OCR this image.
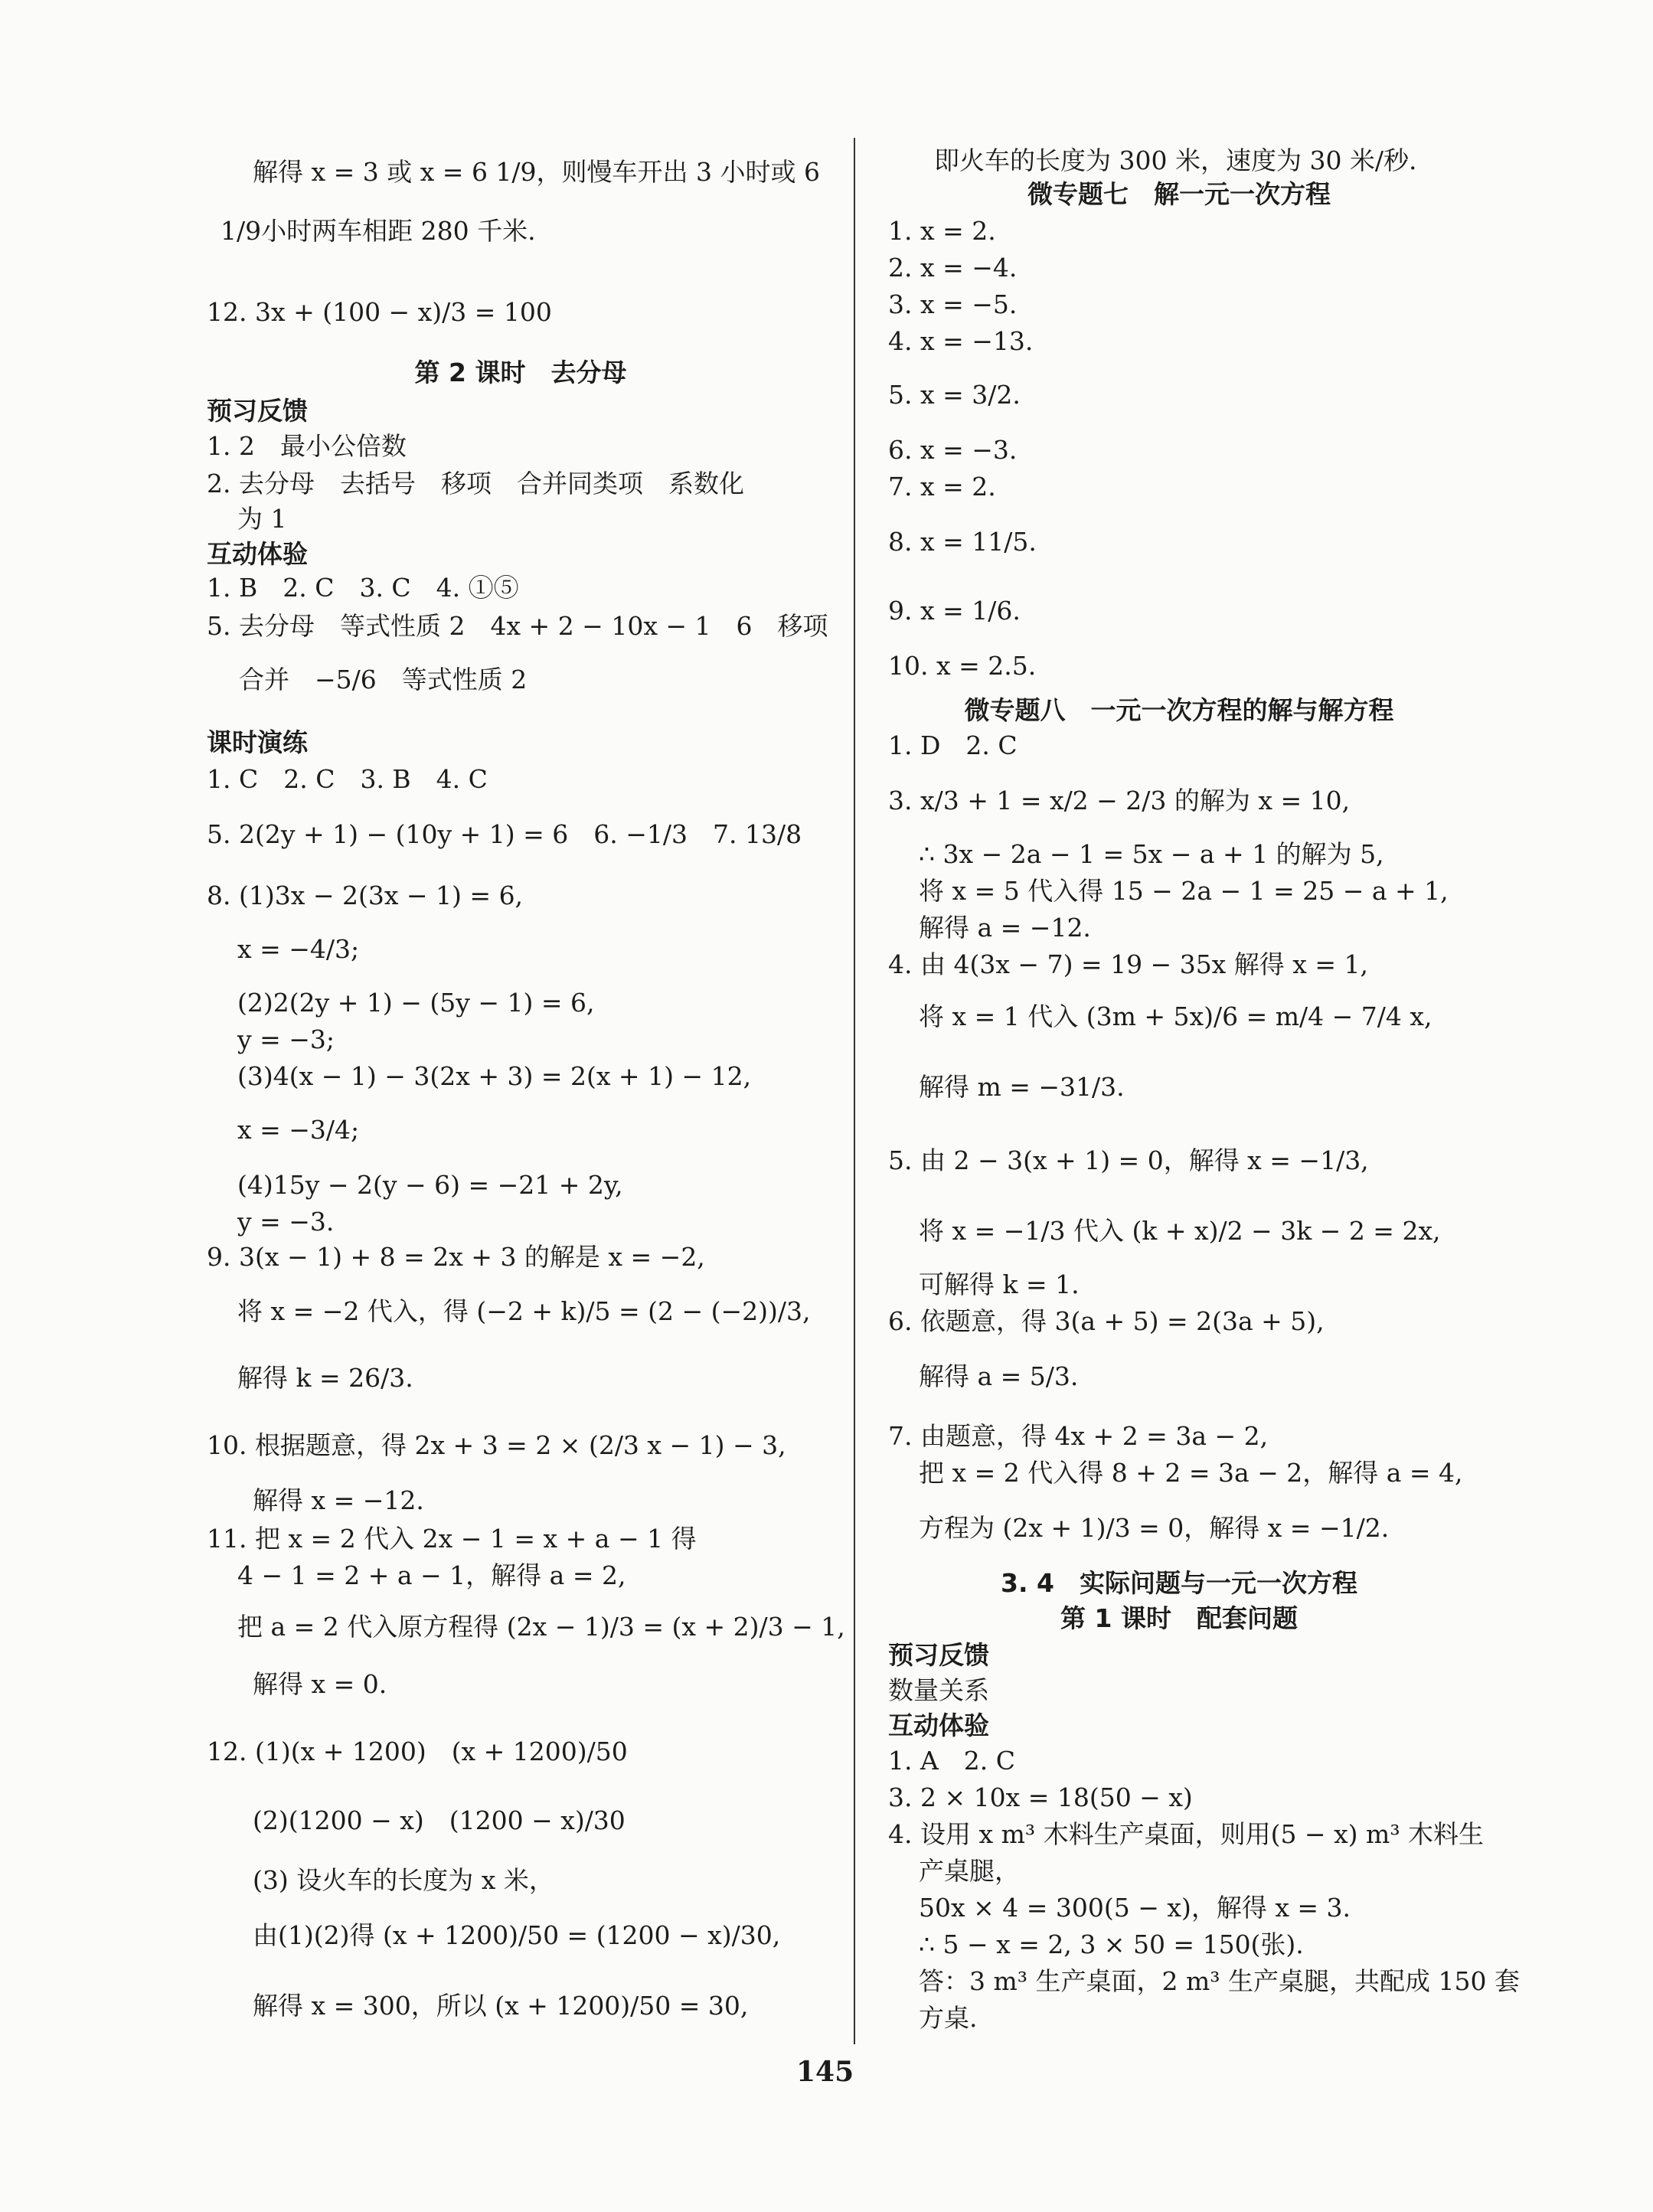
解得 x = 3 或 x = 6 1/9，则慢车开出 3 小时或 6
1/9小时两车相距 280 千米.
12. 3x + (100 − x)/3 = 100
第 2 课时　去分母
预习反馈
1. 2　最小公倍数
2. 去分母　去括号　移项　合并同类项　系数化
为 1
互动体验
1. B　2. C　3. C　4. ①⑤
5. 去分母　等式性质 2　4x + 2 − 10x − 1　6　移项
合并　−5/6　等式性质 2
课时演练
1. C　2. C　3. B　4. C
5. 2(2y + 1) − (10y + 1) = 6　6. −1/3　7. 13/8
8. (1)3x − 2(3x − 1) = 6,
x = −4/3;
(2)2(2y + 1) − (5y − 1) = 6,
y = −3;
(3)4(x − 1) − 3(2x + 3) = 2(x + 1) − 12,
x = −3/4;
(4)15y − 2(y − 6) = −21 + 2y,
y = −3.
9. 3(x − 1) + 8 = 2x + 3 的解是 x = −2,
将 x = −2 代入，得 (−2 + k)/5 = (2 − (−2))/3,
解得 k = 26/3.
10. 根据题意，得 2x + 3 = 2 × (2/3 x − 1) − 3,
解得 x = −12.
11. 把 x = 2 代入 2x − 1 = x + a − 1 得
4 − 1 = 2 + a − 1，解得 a = 2,
把 a = 2 代入原方程得 (2x − 1)/3 = (x + 2)/3 − 1,
解得 x = 0.
12. (1)(x + 1200)　(x + 1200)/50
(2)(1200 − x)　(1200 − x)/30
(3) 设火车的长度为 x 米，
由(1)(2)得 (x + 1200)/50 = (1200 − x)/30,
解得 x = 300，所以 (x + 1200)/50 = 30,
即火车的长度为 300 米，速度为 30 米/秒.
微专题七　解一元一次方程
1. x = 2.
2. x = −4.
3. x = −5.
4. x = −13.
5. x = 3/2.
6. x = −3.
7. x = 2.
8. x = 11/5.
9. x = 1/6.
10. x = 2.5.
微专题八　一元一次方程的解与解方程
1. D　2. C
3. x/3 + 1 = x/2 − 2/3 的解为 x = 10,
∴ 3x − 2a − 1 = 5x − a + 1 的解为 5,
将 x = 5 代入得 15 − 2a − 1 = 25 − a + 1,
解得 a = −12.
4. 由 4(3x − 7) = 19 − 35x 解得 x = 1,
将 x = 1 代入 (3m + 5x)/6 = m/4 − 7/4 x,
解得 m = −31/3.
5. 由 2 − 3(x + 1) = 0，解得 x = −1/3,
将 x = −1/3 代入 (k + x)/2 − 3k − 2 = 2x,
可解得 k = 1.
6. 依题意，得 3(a + 5) = 2(3a + 5),
解得 a = 5/3.
7. 由题意，得 4x + 2 = 3a − 2,
把 x = 2 代入得 8 + 2 = 3a − 2，解得 a = 4,
方程为 (2x + 1)/3 = 0，解得 x = −1/2.
3. 4　实际问题与一元一次方程
第 1 课时　配套问题
预习反馈
数量关系
互动体验
1. A　2. C
3. 2 × 10x = 18(50 − x)
4. 设用 x m³ 木料生产桌面，则用(5 − x) m³ 木料生
产桌腿，
50x × 4 = 300(5 − x)，解得 x = 3.
∴ 5 − x = 2, 3 × 50 = 150(张).
答：3 m³ 生产桌面，2 m³ 生产桌腿，共配成 150 套
方桌.
145
